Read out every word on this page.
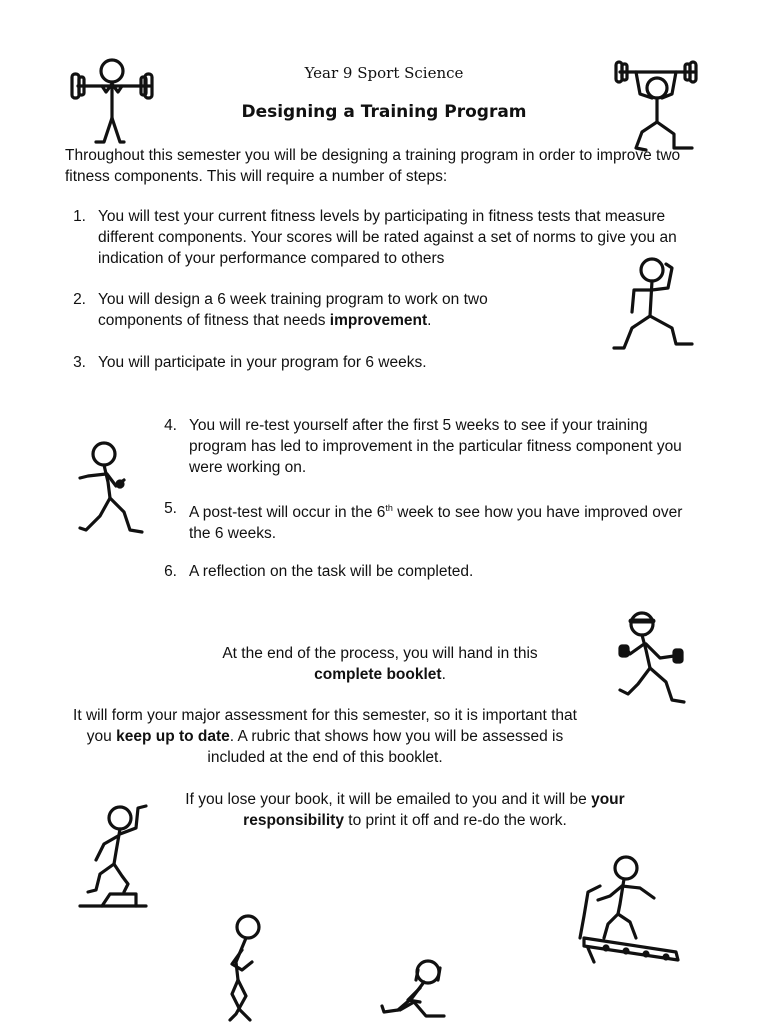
Year 9 Sport Science
Designing a Training Program
Throughout this semester you will be designing a training program in order to improve two fitness components. This will require a number of steps:
1. You will test your current fitness levels by participating in fitness tests that measure different components. Your scores will be rated against a set of norms to give you an indication of your performance compared to others
2. You will design a 6 week training program to work on two components of fitness that needs improvement.
3. You will participate in your program for 6 weeks.
4. You will re-test yourself after the first 5 weeks to see if your training program has led to improvement in the particular fitness component you were working on.
5. A post-test will occur in the 6th week to see how you have improved over the 6 weeks.
6. A reflection on the task will be completed.
At the end of the process, you will hand in this
complete booklet.
It will form your major assessment for this semester, so it is important that you keep up to date. A rubric that shows how you will be assessed is included at the end of this booklet.
If you lose your book, it will be emailed to you and it will be your responsibility to print it off and re-do the work.
